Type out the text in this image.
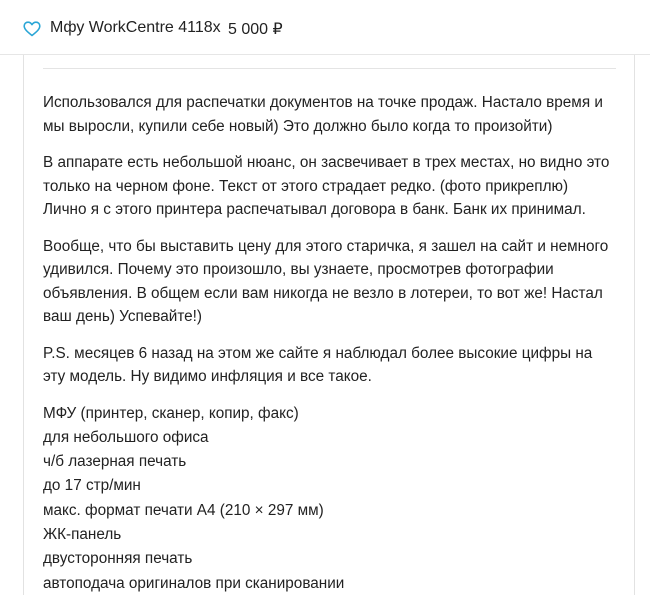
Мфу WorkCentre 4118x 5 000 ₽

Использовался для распечатки документов на точке продаж. Настало время и
мы выросли, купили себе новый) Это должно было когда то произойти)

В аппарате есть небольшой нюанс, он засвечивает в трех местах, но видно это
только на черном фоне. Текст от этого страдает редко. (фото прикреплю)
Лично я с этого принтера распечатывал договора в банк. Банк их принимал.

Вообще, что бы выставить цену для этого старичка, я зашел на сайт и немного
удивился. Почему это произошло, вы узнаете, просмотрев фотографии
объявления. В общем если вам никогда не везло в лотереи, то вот же! Настал
ваш день) Успевайте!)

P.S. месяцев 6 назад на этом же сайте я наблюдал более высокие цифры на
эту модель. Ну видимо инфляция и все такое.

МФУ (принтер, сканер, копир, факс)

для небольшого офиса

ч/б лазерная печать

до 17 стр/мин

макс. формат печати A4 (210 × 297 мм)

ЖК-панель

двусторонняя печать

автоподача оригиналов при сканировании
